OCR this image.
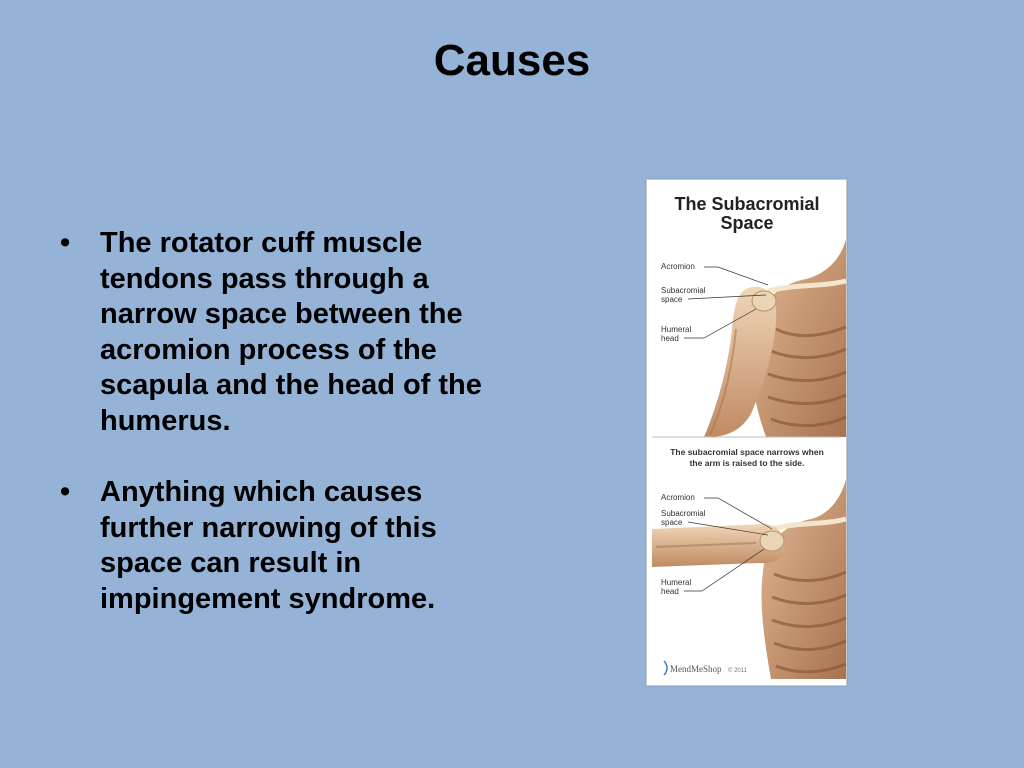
Causes
• The rotator cuff muscle tendons pass through a narrow space between the acromion process of the scapula and the head of the humerus.
• Anything which causes further narrowing of this space can result in impingement syndrome.
The Subacromial
Space
Acromion
Subacromial
space
Humeral
head
The subacromial space narrows when
the arm is raised to the side.
Acromion
Subacromial
space
Humeral
head
MendMeShop © 2011
